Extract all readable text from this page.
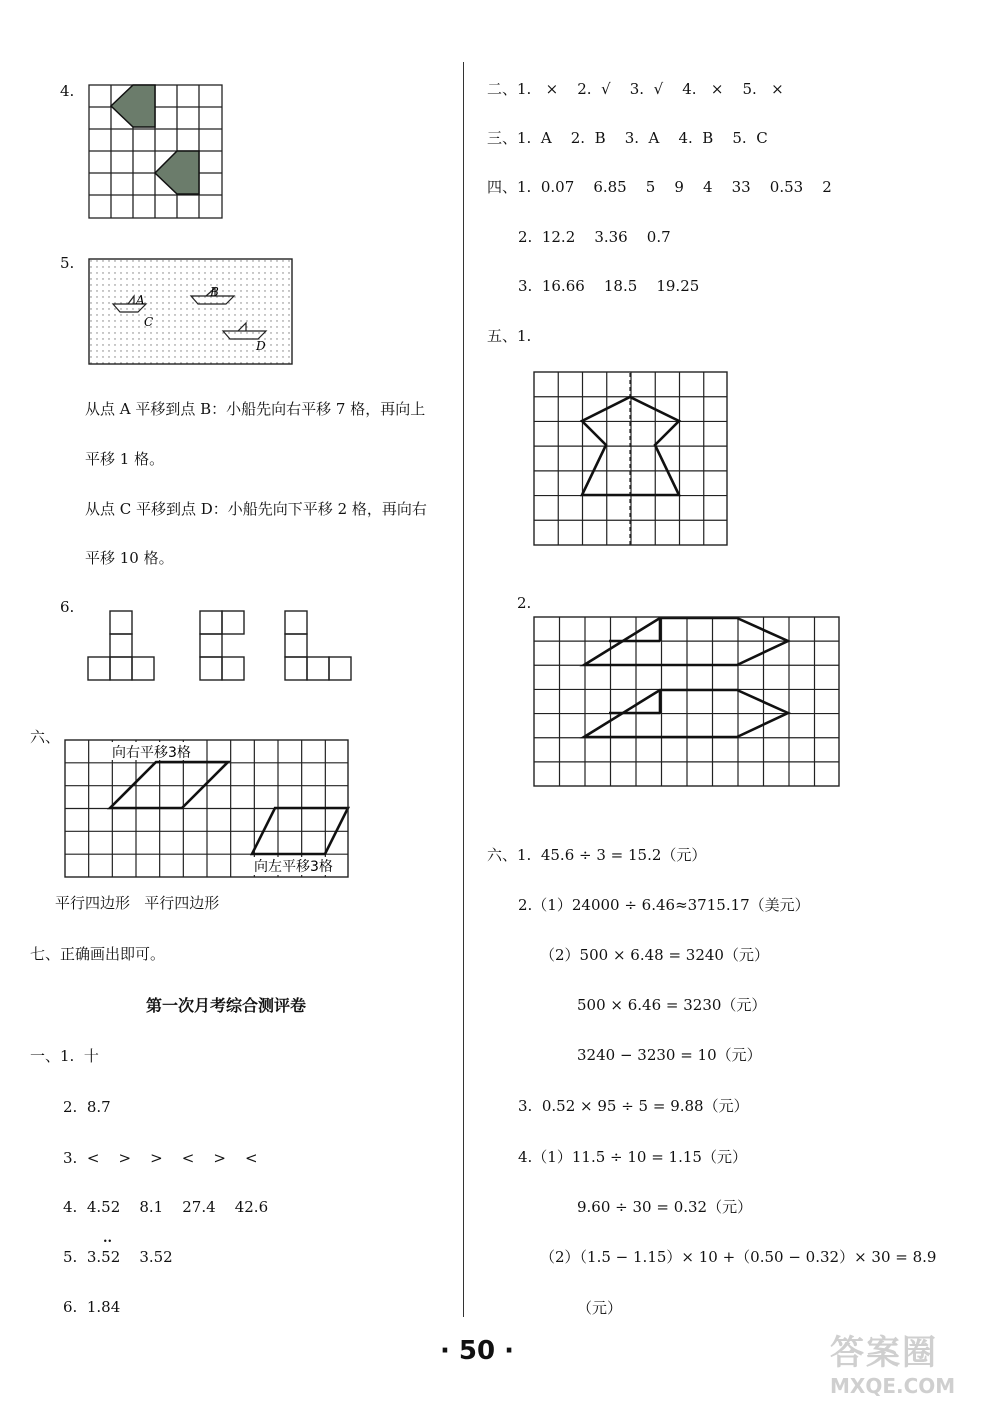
4.
5.
A
B
C
D
从点 A 平移到点 B：小船先向右平移 7 格，再向上
平移 1 格。
从点 C 平移到点 D：小船先向下平移 2 格，再向右
平移 10 格。
6.
六、
向右平移3格
向左平移3格
平行四边形   平行四边形
七、正确画出即可。
第一次月考综合测评卷
一、1.  十
2.  8.7
3.  <    >    >    <    >    <
4.  4.52    8.1    27.4    42.6
..
5.  3.52    3.52
6.  1.84
二、1.   ×    2.  √    3.  √    4.   ×    5.   ×
三、1.  A    2.  B    3.  A    4.  B    5.  C
四、1.  0.07    6.85    5    9    4    33    0.53    2
2.  12.2    3.36    0.7
3.  16.66    18.5    19.25
五、1.
2.
六、1.  45.6 ÷ 3 = 15.2（元）
2.（1）24000 ÷ 6.46≈3715.17（美元）
（2）500 × 6.48 = 3240（元）
500 × 6.46 = 3230（元）
3240 − 3230 = 10（元）
3.  0.52 × 95 ÷ 5 = 9.88（元）
4.（1）11.5 ÷ 10 = 1.15（元）
9.60 ÷ 30 = 0.32（元）
（2）（1.5 − 1.15）× 10 +（0.50 − 0.32）× 30 = 8.9
（元）
· 50 ·	答案圈
MXQE.COM
